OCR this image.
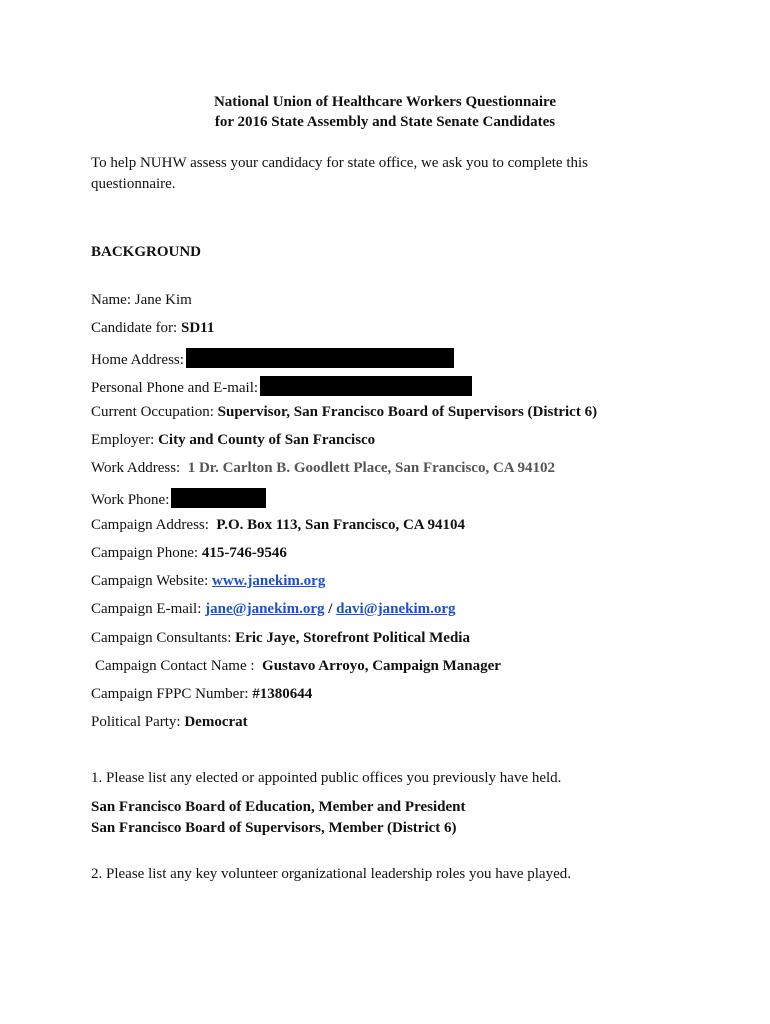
National Union of Healthcare Workers Questionnaire
for 2016 State Assembly and State Senate Candidates
To help NUHW assess your candidacy for state office, we ask you to complete this questionnaire.
BACKGROUND
Name: Jane Kim
Candidate for: SD11
Home Address:
Personal Phone and E-mail:
Current Occupation: Supervisor, San Francisco Board of Supervisors (District 6)
Employer: City and County of San Francisco
Work Address: 1 Dr. Carlton B. Goodlett Place, San Francisco, CA 94102
Work Phone:
Campaign Address: P.O. Box 113, San Francisco, CA 94104
Campaign Phone: 415-746-9546
Campaign Website: www.janekim.org
Campaign E-mail: jane@janekim.org / davi@janekim.org
Campaign Consultants: Eric Jaye, Storefront Political Media
Campaign Contact Name : Gustavo Arroyo, Campaign Manager
Campaign FPPC Number: #1380644
Political Party: Democrat
1. Please list any elected or appointed public offices you previously have held.
San Francisco Board of Education, Member and President
San Francisco Board of Supervisors, Member (District 6)
2. Please list any key volunteer organizational leadership roles you have played.
